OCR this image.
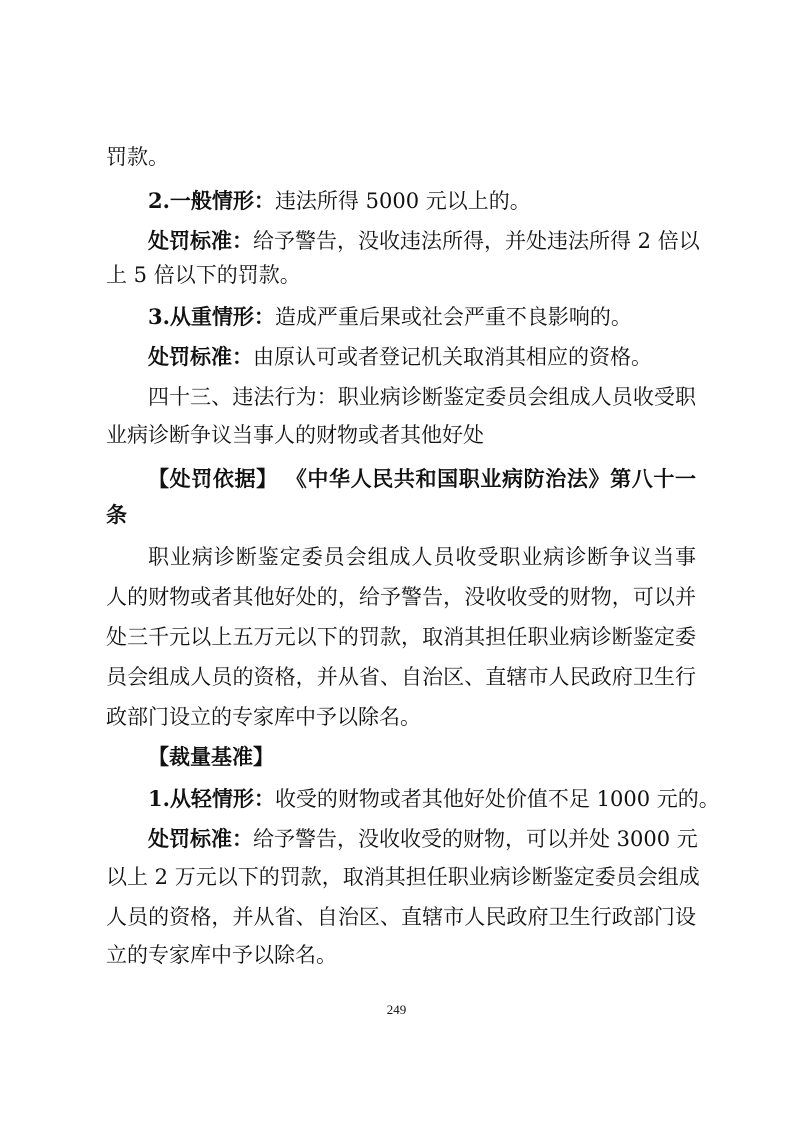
罚款。
2.一般情形：违法所得 5000 元以上的。
处罚标准：给予警告，没收违法所得，并处违法所得 2 倍以
上 5 倍以下的罚款。
3.从重情形：造成严重后果或社会严重不良影响的。
处罚标准：由原认可或者登记机关取消其相应的资格。
四十三、违法行为：职业病诊断鉴定委员会组成人员收受职
业病诊断争议当事人的财物或者其他好处
【处罚依据】 《中华人民共和国职业病防治法》第八十一
条
职业病诊断鉴定委员会组成人员收受职业病诊断争议当事
人的财物或者其他好处的，给予警告，没收收受的财物，可以并
处三千元以上五万元以下的罚款，取消其担任职业病诊断鉴定委
员会组成人员的资格，并从省、自治区、直辖市人民政府卫生行
政部门设立的专家库中予以除名。
【裁量基准】
1.从轻情形：收受的财物或者其他好处价值不足 1000 元的。
处罚标准：给予警告，没收收受的财物，可以并处 3000 元
以上 2 万元以下的罚款，取消其担任职业病诊断鉴定委员会组成
人员的资格，并从省、自治区、直辖市人民政府卫生行政部门设
立的专家库中予以除名。
249
